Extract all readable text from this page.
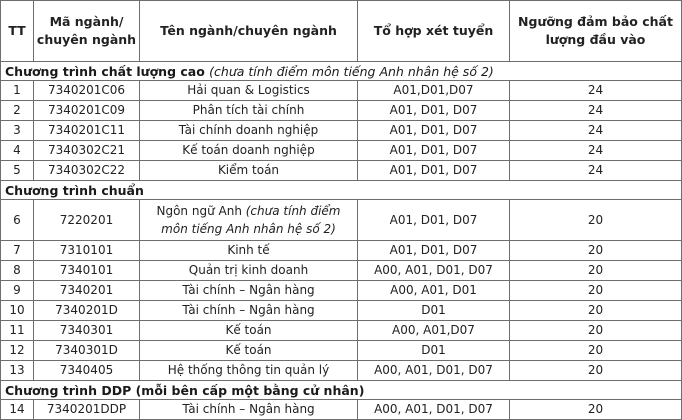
TT	Mã ngành/ chuyên ngành	Tên ngành/chuyên ngành	Tổ hợp xét tuyển	Ngưỡng đảm bảo chất lượng đầu vào
Chương trình chất lượng cao (chưa tính điểm môn tiếng Anh nhân hệ số 2)				
1	7340201C06	Hải quan & Logistics	A01,D01,D07	24
2	7340201C09	Phân tích tài chính	A01, D01, D07	24
3	7340201C11	Tài chính doanh nghiệp	A01, D01, D07	24
4	7340302C21	Kế toán doanh nghiệp	A01, D01, D07	24
5	7340302C22	Kiểm toán	A01, D01, D07	24
Chương trình chuẩn				
6	7220201	Ngôn ngữ Anh (chưa tính điểm môn tiếng Anh nhân hệ số 2)	A01, D01, D07	20
7	7310101	Kinh tế	A01, D01, D07	20
8	7340101	Quản trị kinh doanh	A00, A01, D01, D07	20
9	7340201	Tài chính – Ngân hàng	A00, A01, D01	20
10	7340201D	Tài chính – Ngân hàng	D01	20
11	7340301	Kế toán	A00, A01,D07	20
12	7340301D	Kế toán	D01	20
13	7340405	Hệ thống thông tin quản lý	A00, A01, D01, D07	20
Chương trình DDP (mỗi bên cấp một bằng cử nhân)				
14	7340201DDP	Tài chính – Ngân hàng	A00, A01, D01, D07	20
